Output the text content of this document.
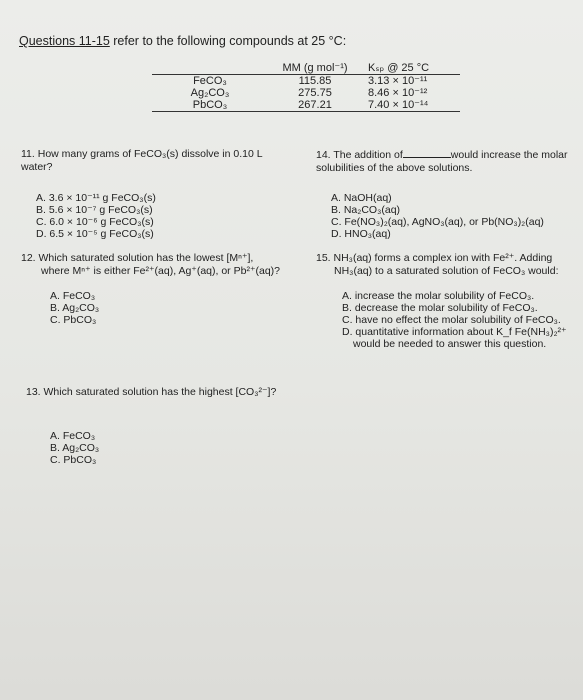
Questions 11-15 refer to the following compounds at 25 °C:
	MM (g mol⁻¹)	Kₛₚ @ 25 °C
FeCO₃	115.85	3.13 × 10⁻¹¹
Ag₂CO₃	275.75	8.46 × 10⁻¹²
PbCO₃	267.21	7.40 × 10⁻¹⁴
11. How many grams of FeCO₃(s) dissolve in 0.10 L water?
A. 3.6 × 10⁻¹¹ g FeCO₃(s)
B. 5.6 × 10⁻⁷ g FeCO₃(s)
C. 6.0 × 10⁻⁶ g FeCO₃(s)
D. 6.5 × 10⁻⁵ g FeCO₃(s)
14. The addition of	would increase the molar
solubilities of the above solutions.
A. NaOH(aq)
B. Na₂CO₃(aq)
C. Fe(NO₃)₂(aq), AgNO₃(aq), or Pb(NO₃)₂(aq)
D. HNO₃(aq)
12. Which saturated solution has the lowest [Mⁿ⁺],
where Mⁿ⁺ is either Fe²⁺(aq), Ag⁺(aq), or Pb²⁺(aq)?
A. FeCO₃
B. Ag₂CO₃
C. PbCO₃
15. NH₃(aq) forms a complex ion with Fe²⁺. Adding
NH₃(aq) to a saturated solution of FeCO₃ would:
A. increase the molar solubility of FeCO₃.
B. decrease the molar solubility of FeCO₃.
C. have no effect the molar solubility of FeCO₃.
D. quantitative information about K_f Fe(NH₃)₂²⁺ would be needed to answer this question.
13. Which saturated solution has the highest [CO₃²⁻]?
A. FeCO₃
B. Ag₂CO₃
C. PbCO₃
